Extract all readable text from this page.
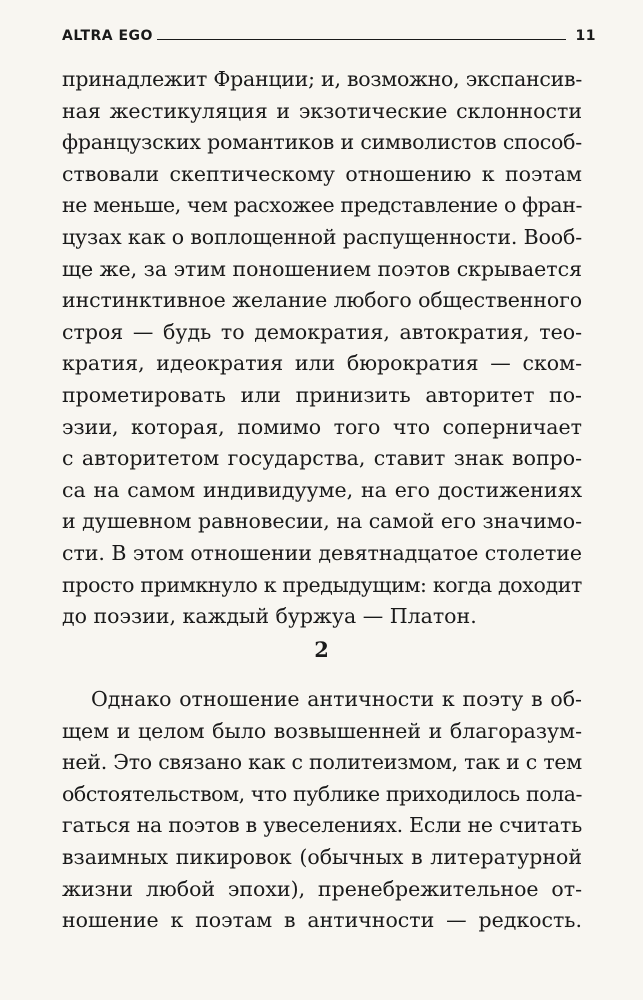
ALTRA EGO	11
принадлежит Франции; и, возможно, экспансив-
ная жестикуляция и экзотические склонности
французских романтиков и символистов способ-
ствовали скептическому отношению к поэтам
не меньше, чем расхожее представление о фран-
цузах как о воплощенной распущенности. Вооб-
ще же, за этим поношением поэтов скрывается
инстинктивное желание любого общественного
строя — будь то демократия, автократия, тео-
кратия, идеократия или бюрократия — ском-
прометировать или принизить авторитет по-
эзии, которая, помимо того что соперничает
с авторитетом государства, ставит знак вопро-
са на самом индивидууме, на его достижениях
и душевном равновесии, на самой его значимо-
сти. В этом отношении девятнадцатое столетие
просто примкнуло к предыдущим: когда доходит
до поэзии, каждый буржуа — Платон.
2
Однако отношение античности к поэту в об-
щем и целом было возвышенней и благоразум-
ней. Это связано как с политеизмом, так и с тем
обстоятельством, что публике приходилось пола-
гаться на поэтов в увеселениях. Если не считать
взаимных пикировок (обычных в литературной
жизни любой эпохи), пренебрежительное от-
ношение к поэтам в античности — редкость.
